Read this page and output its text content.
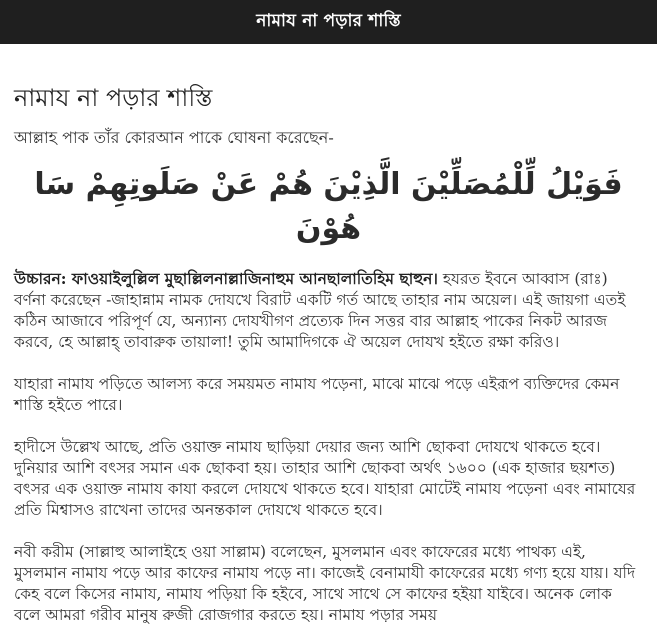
নামায না পড়ার শাস্তি
নামায না পড়ার শাস্তি

আল্লাহ পাক তাঁর কোরআন পাকে ঘোষনা করেছেন-

فَوَيْلُ لِّلْمُصَلِّيْنَ الَّذِيْنَ هُمْ عَنْ صَلَوتِهِمْ سَا هُوْنَ

উচ্চারন: ফাওয়াইলুল্লিল মুছাল্লিলনাল্লাজিনাহুম আনছালাতিহিম ছাহুন। হযরত ইবনে আব্বাস (রাঃ) বর্ণনা করেছেন -জাহান্নাম নামক দোযখে বিরাট একটি গর্ত আছে তাহার নাম অয়েল। এই জায়গা এতই কঠিন আজাবে পরিপূর্ণ যে, অন্যান্য দোযখীগণ প্রত্যেক দিন সত্তর বার আল্লাহ পাকের নিকট আরজ করবে, হে আল্লাহ্ তাবারুক তায়ালা! তুমি আমাদিগকে ঐ অয়েল দোযখ হইতে রক্ষা করিও।

যাহারা নামায পড়িতে আলস্য করে সময়মত নামায পড়েনা, মাঝে মাঝে পড়ে এইরূপ ব্যক্তিদের কেমন শাস্তি হইতে পারে।

হাদীসে উল্লেখ আছে, প্রতি ওয়াক্ত নামায ছাড়িয়া দেয়ার জন্য আশি ছোকবা দোযখে থাকতে হবে। দুনিয়ার আশি বৎসর সমান এক ছোকবা হয়। তাহার আশি ছোকবা অর্থৎ ১৬০০ (এক হাজার ছয়শত) বৎসর এক ওয়াক্ত নামায কাযা করলে দোযখে থাকতে হবে। যাহারা মোটেই নামায পড়েনা এবং নামাযের প্রতি মিশ্বাসও রাখেনা তাদের অনন্তকাল দোযখে থাকতে হবে।

নবী করীম (সাল্লাহু আলাইহে ওয়া সাল্লাম) বলেছেন, মুসলমান এবং কাফেরের মধ্যে পাথক্য এই, মুসলমান নামায পড়ে আর কাফের নামায পড়ে না। কাজেই বেনামাযী কাফেরের মধ্যে গণ্য হয়ে যায়। যদি কেহ বলে কিসের নামায, নামায পড়িয়া কি হইবে, সাথে সাথে সে কাফের হইয়া যাইবে। অনেক লোক বলে আমরা গরীব মানুষ রুজী রোজগার করতে হয়। নামায পড়ার সময়
